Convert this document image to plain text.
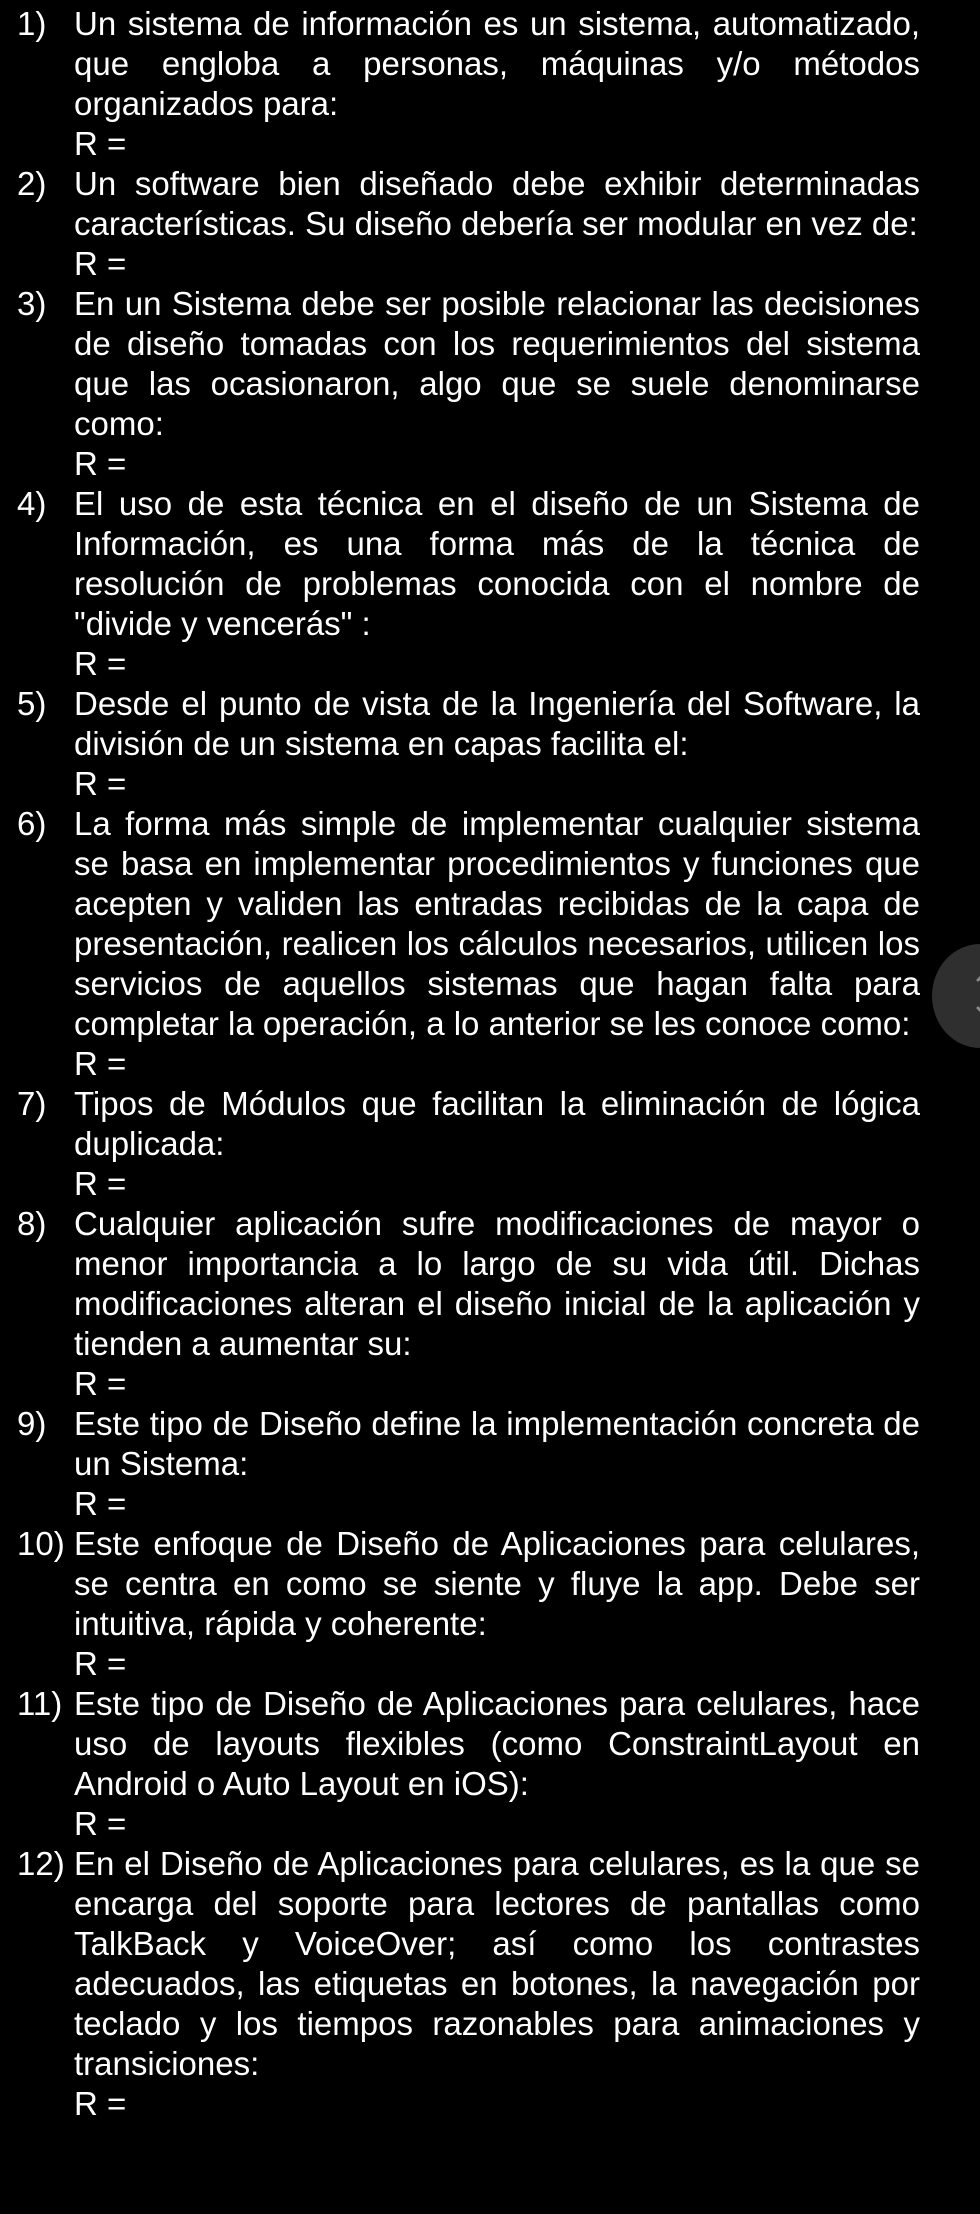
1) Un sistema de información es un sistema, automatizado, que engloba a personas, máquinas y/o métodos organizados para:
R =
2) Un software bien diseñado debe exhibir determinadas características. Su diseño debería ser modular en vez de:
R =
3) En un Sistema debe ser posible relacionar las decisiones de diseño tomadas con los requerimientos del sistema que las ocasionaron, algo que se suele denominarse como:
R =
4) El uso de esta técnica en el diseño de un Sistema de Información, es una forma más de la técnica de resolución de problemas conocida con el nombre de "divide y vencerás" :
R =
5) Desde el punto de vista de la Ingeniería del Software, la división de un sistema en capas facilita el:
R =
6) La forma más simple de implementar cualquier sistema se basa en implementar procedimientos y funciones que acepten y validen las entradas recibidas de la capa de presentación, realicen los cálculos necesarios, utilicen los servicios de aquellos sistemas que hagan falta para completar la operación, a lo anterior se les conoce como:
R =
7) Tipos de Módulos que facilitan la eliminación de lógica duplicada:
R =
8) Cualquier aplicación sufre modificaciones de mayor o menor importancia a lo largo de su vida útil. Dichas modificaciones alteran el diseño inicial de la aplicación y tienden a aumentar su:
R =
9) Este tipo de Diseño define la implementación concreta de un Sistema:
R =
10) Este enfoque de Diseño de Aplicaciones para celulares, se centra en como se siente y fluye la app. Debe ser intuitiva, rápida y coherente:
R =
11) Este tipo de Diseño de Aplicaciones para celulares, hace uso de layouts flexibles (como ConstraintLayout en Android o Auto Layout en iOS):
R =
12) En el Diseño de Aplicaciones para celulares, es la que se encarga del soporte para lectores de pantallas como TalkBack y VoiceOver; así como los contrastes adecuados, las etiquetas en botones, la navegación por teclado y los tiempos razonables para animaciones y transiciones:
R =
